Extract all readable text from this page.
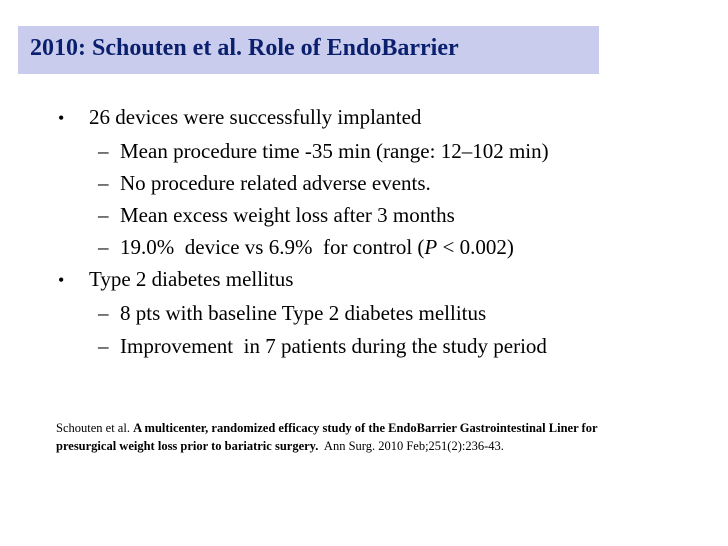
2010: Schouten et al. Role of EndoBarrier
• 26 devices were successfully implanted
– Mean procedure time -35 min (range: 12–102 min)
– No procedure related adverse events.
– Mean excess weight loss after 3 months
– 19.0%  device vs 6.9%  for control (P < 0.002)
• Type 2 diabetes mellitus
– 8 pts with baseline Type 2 diabetes mellitus
– Improvement  in 7 patients during the study period
Schouten et al. A multicenter, randomized efficacy study of the EndoBarrier Gastrointestinal Liner for presurgical weight loss prior to bariatric surgery.  Ann Surg. 2010 Feb;251(2):236-43.
